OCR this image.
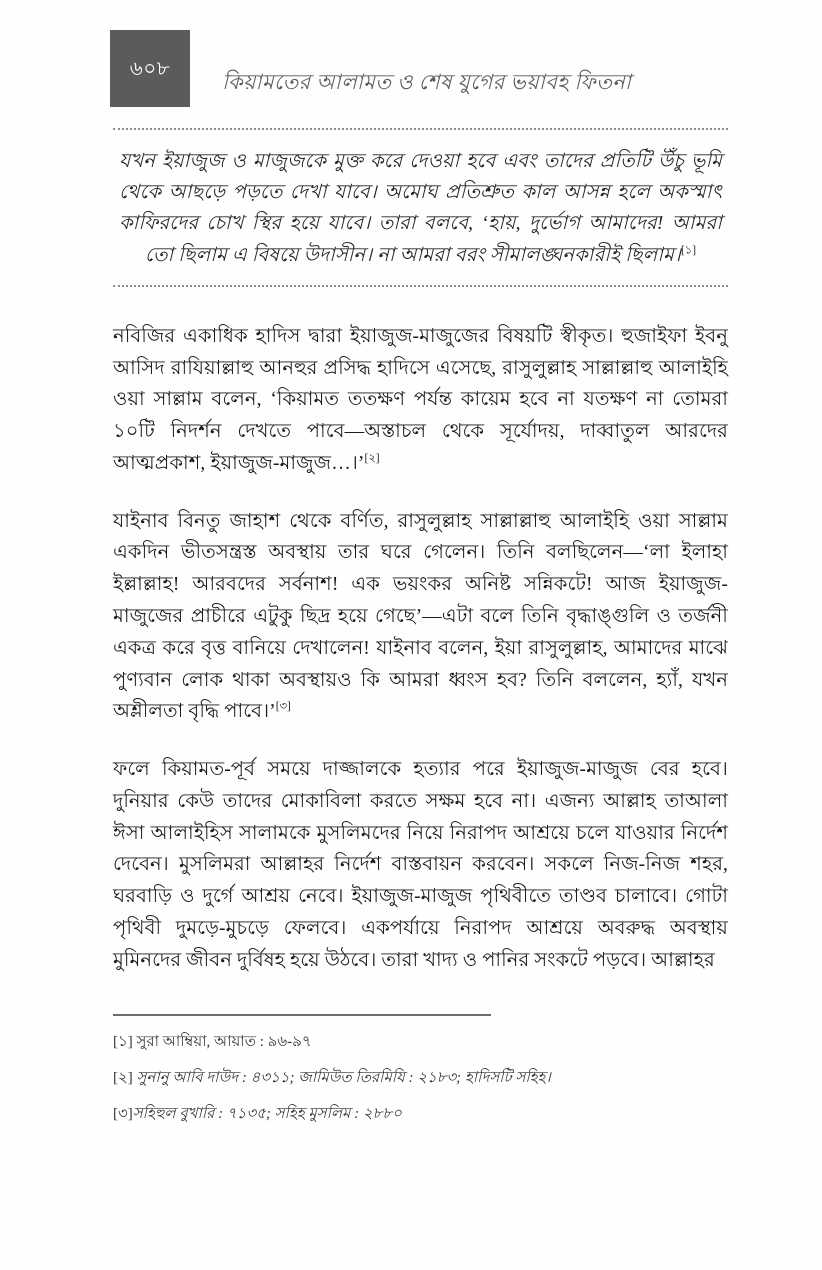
৬০৮
কিয়ামতের আলামত ও শেষ যুগের ভয়াবহ ফিতনা

যখন ইয়াজুজ ও মাজুজকে মুক্ত করে দেওয়া হবে এবং তাদের প্রতিটি উঁচু ভূমি থেকে আছড়ে পড়তে দেখা যাবে। অমোঘ প্রতিশ্রুত কাল আসন্ন হলে অকস্মাৎ কাফিরদের চোখ স্থির হয়ে যাবে। তারা বলবে, ‘হায়, দুর্ভোগ আমাদের! আমরা তো ছিলাম এ বিষয়ে উদাসীন। না আমরা বরং সীমালঙ্ঘনকারীই ছিলাম।[১]

নবিজির একাধিক হাদিস দ্বারা ইয়াজুজ-মাজুজের বিষয়টি স্বীকৃত। হুজাইফা ইবনু আসিদ রাযিয়াল্লাহু আনহুর প্রসিদ্ধ হাদিসে এসেছে, রাসুলুল্লাহ সাল্লাল্লাহু আলাইহি ওয়া সাল্লাম বলেন, ‘কিয়ামত ততক্ষণ পর্যন্ত কায়েম হবে না যতক্ষণ না তোমরা ১০টি নিদর্শন দেখতে পাবে—অস্তাচল থেকে সূর্যোদয়, দাব্বাতুল আরদের আত্মপ্রকাশ, ইয়াজুজ-মাজুজ…।’[২]

যাইনাব বিনতু জাহাশ থেকে বর্ণিত, রাসুলুল্লাহ সাল্লাল্লাহু আলাইহি ওয়া সাল্লাম একদিন ভীতসন্ত্রস্ত অবস্থায় তার ঘরে গেলেন। তিনি বলছিলেন—‘লা ইলাহা ইল্লাল্লাহ! আরবদের সর্বনাশ! এক ভয়ংকর অনিষ্ট সন্নিকটে! আজ ইয়াজুজ-মাজুজের প্রাচীরে এটুকু ছিদ্র হয়ে গেছে’—এটা বলে তিনি বৃদ্ধাঙ্গুলি ও তর্জনী একত্র করে বৃত্ত বানিয়ে দেখালেন! যাইনাব বলেন, ইয়া রাসুলুল্লাহ, আমাদের মাঝে পুণ্যবান লোক থাকা অবস্থায়ও কি আমরা ধ্বংস হব? তিনি বললেন, হ্যাঁ, যখন অশ্লীলতা বৃদ্ধি পাবে।’[৩]

ফলে কিয়ামত-পূর্ব সময়ে দাজ্জালকে হত্যার পরে ইয়াজুজ-মাজুজ বের হবে। দুনিয়ার কেউ তাদের মোকাবিলা করতে সক্ষম হবে না। এজন্য আল্লাহ তাআলা ঈসা আলাইহিস সালামকে মুসলিমদের নিয়ে নিরাপদ আশ্রয়ে চলে যাওয়ার নির্দেশ দেবেন। মুসলিমরা আল্লাহর নির্দেশ বাস্তবায়ন করবেন। সকলে নিজ-নিজ শহর, ঘরবাড়ি ও দুর্গে আশ্রয় নেবে। ইয়াজুজ-মাজুজ পৃথিবীতে তাণ্ডব চালাবে। গোটা পৃথিবী দুমড়ে-মুচড়ে ফেলবে। একপর্যায়ে নিরাপদ আশ্রয়ে অবরুদ্ধ অবস্থায় মুমিনদের জীবন দুর্বিষহ হয়ে উঠবে। তারা খাদ্য ও পানির সংকটে পড়বে। আল্লাহর

[১] সুরা আম্বিয়া, আয়াত : ৯৬-৯৭

[২] সুনানু আবি দাউদ : ৪৩১১; জামিউত তিরমিযি : ২১৮৩; হাদিসটি সহিহ।

[৩]সহিহুল বুখারি : ৭১৩৫; সহিহ মুসলিম : ২৮৮০
